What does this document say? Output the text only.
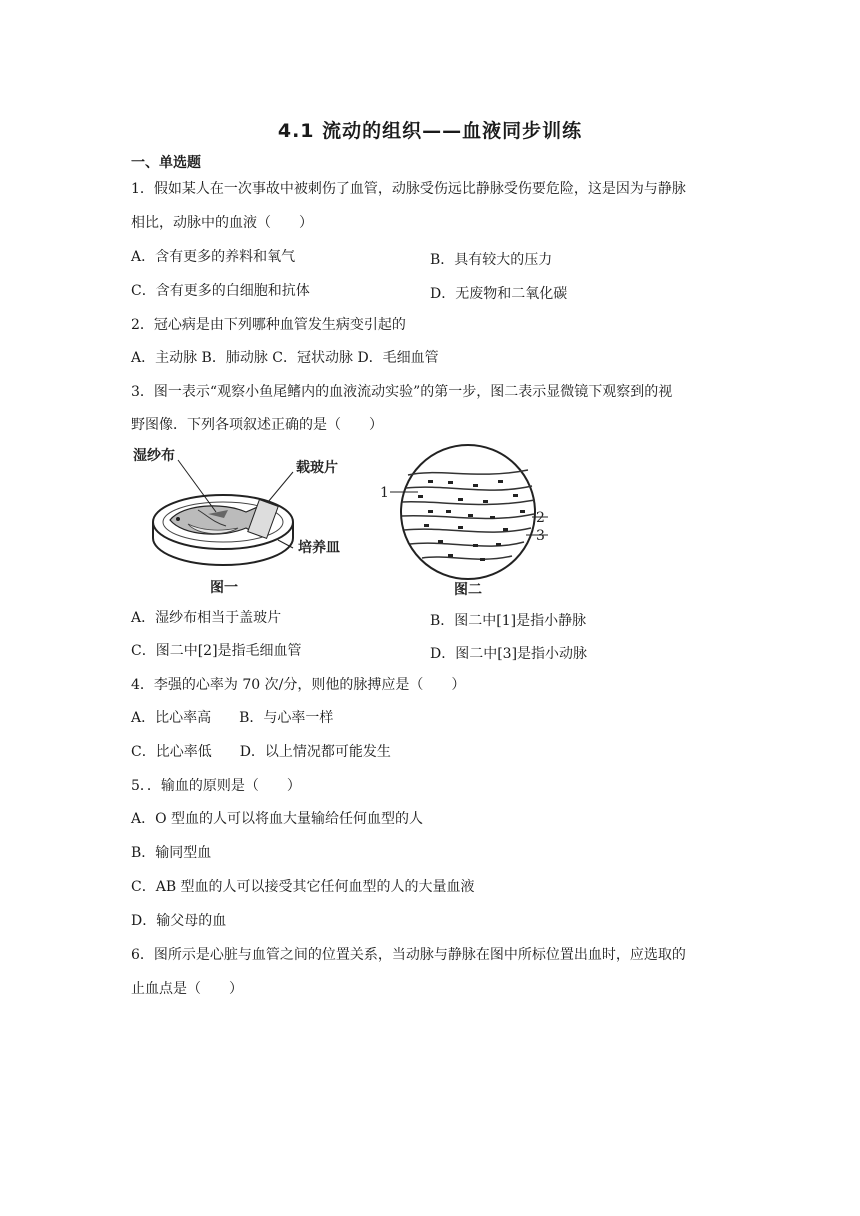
4.1 流动的组织——血液同步训练
一、单选题
1．假如某人在一次事故中被刺伤了血管，动脉受伤远比静脉受伤要危险，这是因为与静脉
相比，动脉中的血液（　　）
A．含有更多的养料和氧气	B．具有较大的压力
C．含有更多的白细胞和抗体	D．无废物和二氧化碳
2．冠心病是由下列哪种血管发生病变引起的
A．主动脉 B．肺动脉 C．冠状动脉 D．毛细血管
3．图一表示“观察小鱼尾鳍内的血液流动实验”的第一步，图二表示显微镜下观察到的视
野图像．下列各项叙述正确的是（　　）
湿纱布
载玻片
培养皿
图一
1
2
3
图二
A．湿纱布相当于盖玻片	B．图二中[1]是指小静脉
C．图二中[2]是指毛细血管	D．图二中[3]是指小动脉
4．李强的心率为 70 次/分，则他的脉搏应是（　　）
A．比心率高　　B．与心率一样
C．比心率低　　D．以上情况都可能发生
5．．输血的原则是（　　）
A．O 型血的人可以将血大量输给任何血型的人
B．输同型血
C．AB 型血的人可以接受其它任何血型的人的大量血液
D．输父母的血
6．图所示是心脏与血管之间的位置关系，当动脉与静脉在图中所标位置出血时，应选取的
止血点是（　　）
